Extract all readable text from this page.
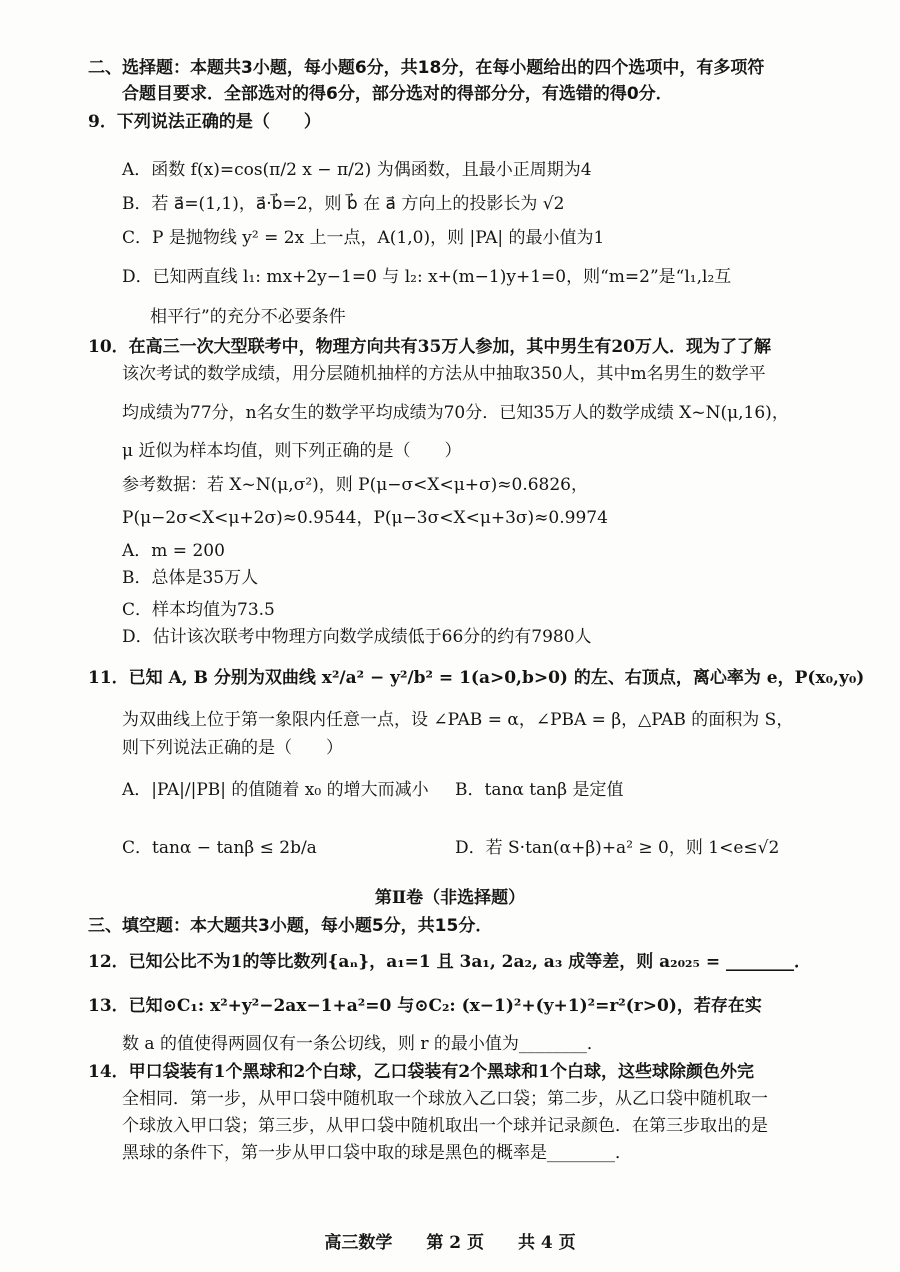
二、选择题：本题共3小题，每小题6分，共18分，在每小题给出的四个选项中，有多项符
合题目要求．全部选对的得6分，部分选对的得部分分，有选错的得0分．
9．下列说法正确的是（　　）
A．函数 f(x)=cos(π/2 x − π/2) 为偶函数，且最小正周期为4
B．若 a⃗=(1,1)，a⃗·b⃗=2，则 b⃗ 在 a⃗ 方向上的投影长为 √2
C．P 是抛物线 y² = 2x 上一点，A(1,0)，则 |PA| 的最小值为1
D．已知两直线 l₁: mx+2y−1=0 与 l₂: x+(m−1)y+1=0，则“m=2”是“l₁,l₂互
相平行”的充分不必要条件
10．在高三一次大型联考中，物理方向共有35万人参加，其中男生有20万人．现为了了解
该次考试的数学成绩，用分层随机抽样的方法从中抽取350人，其中m名男生的数学平
均成绩为77分，n名女生的数学平均成绩为70分．已知35万人的数学成绩 X~N(μ,16)，
μ 近似为样本均值，则下列正确的是（　　）
参考数据：若 X~N(μ,σ²)，则 P(μ−σ<X<μ+σ)≈0.6826，
P(μ−2σ<X<μ+2σ)≈0.9544，P(μ−3σ<X<μ+3σ)≈0.9974
A．m = 200
B．总体是35万人
C．样本均值为73.5
D．估计该次联考中物理方向数学成绩低于66分的约有7980人
11．已知 A, B 分别为双曲线 x²/a² − y²/b² = 1(a>0,b>0) 的左、右顶点，离心率为 e，P(x₀,y₀)
为双曲线上位于第一象限内任意一点，设 ∠PAB = α，∠PBA = β，△PAB 的面积为 S，
则下列说法正确的是（　　）
A．|PA|/|PB| 的值随着 x₀ 的增大而减小	B．tanα tanβ 是定值
C．tanα − tanβ ≤ 2b/a	D．若 S·tan(α+β)+a² ≥ 0，则 1<e≤√2
第Ⅱ卷（非选择题）
三、填空题：本大题共3小题，每小题5分，共15分．
12．已知公比不为1的等比数列{aₙ}，a₁=1 且 3a₁, 2a₂, a₃ 成等差，则 a₂₀₂₅ = ________．
13．已知⊙C₁: x²+y²−2ax−1+a²=0 与⊙C₂: (x−1)²+(y+1)²=r²(r>0)，若存在实
数 a 的值使得两圆仅有一条公切线，则 r 的最小值为________．
14．甲口袋装有1个黑球和2个白球，乙口袋装有2个黑球和1个白球，这些球除颜色外完
全相同．第一步，从甲口袋中随机取一个球放入乙口袋；第二步，从乙口袋中随机取一
个球放入甲口袋；第三步，从甲口袋中随机取出一个球并记录颜色．在第三步取出的是
黑球的条件下，第一步从甲口袋中取的球是黑色的概率是________．
高三数学　　第 2 页　　共 4 页
